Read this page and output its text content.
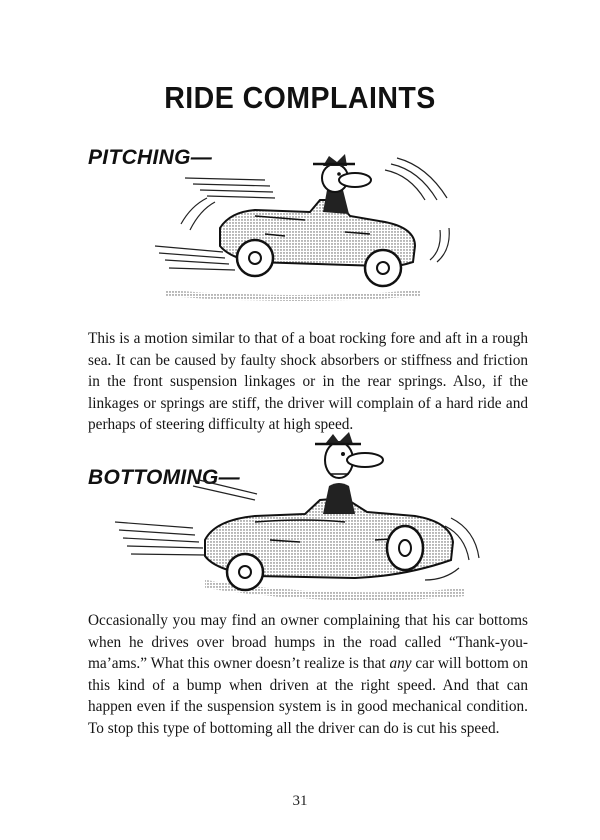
RIDE COMPLAINTS
PITCHING—

This is a motion similar to that of a boat rocking fore and aft in a rough sea. It can be caused by faulty shock absorbers or stiffness and friction in the front suspension linkages or in the rear springs. Also, if the linkages or springs are stiff, the driver will complain of a hard ride and perhaps of steering difficulty at high speed.

BOTTOMING—

Occasionally you may find an owner complaining that his car bottoms when he drives over broad humps in the road called “Thank-you-ma’ams.” What this owner doesn’t realize is that any car will bottom on this kind of a bump when driven at the right speed. And that can happen even if the suspension system is in good mechanical condition. To stop this type of bottoming all the driver can do is cut his speed.

31
